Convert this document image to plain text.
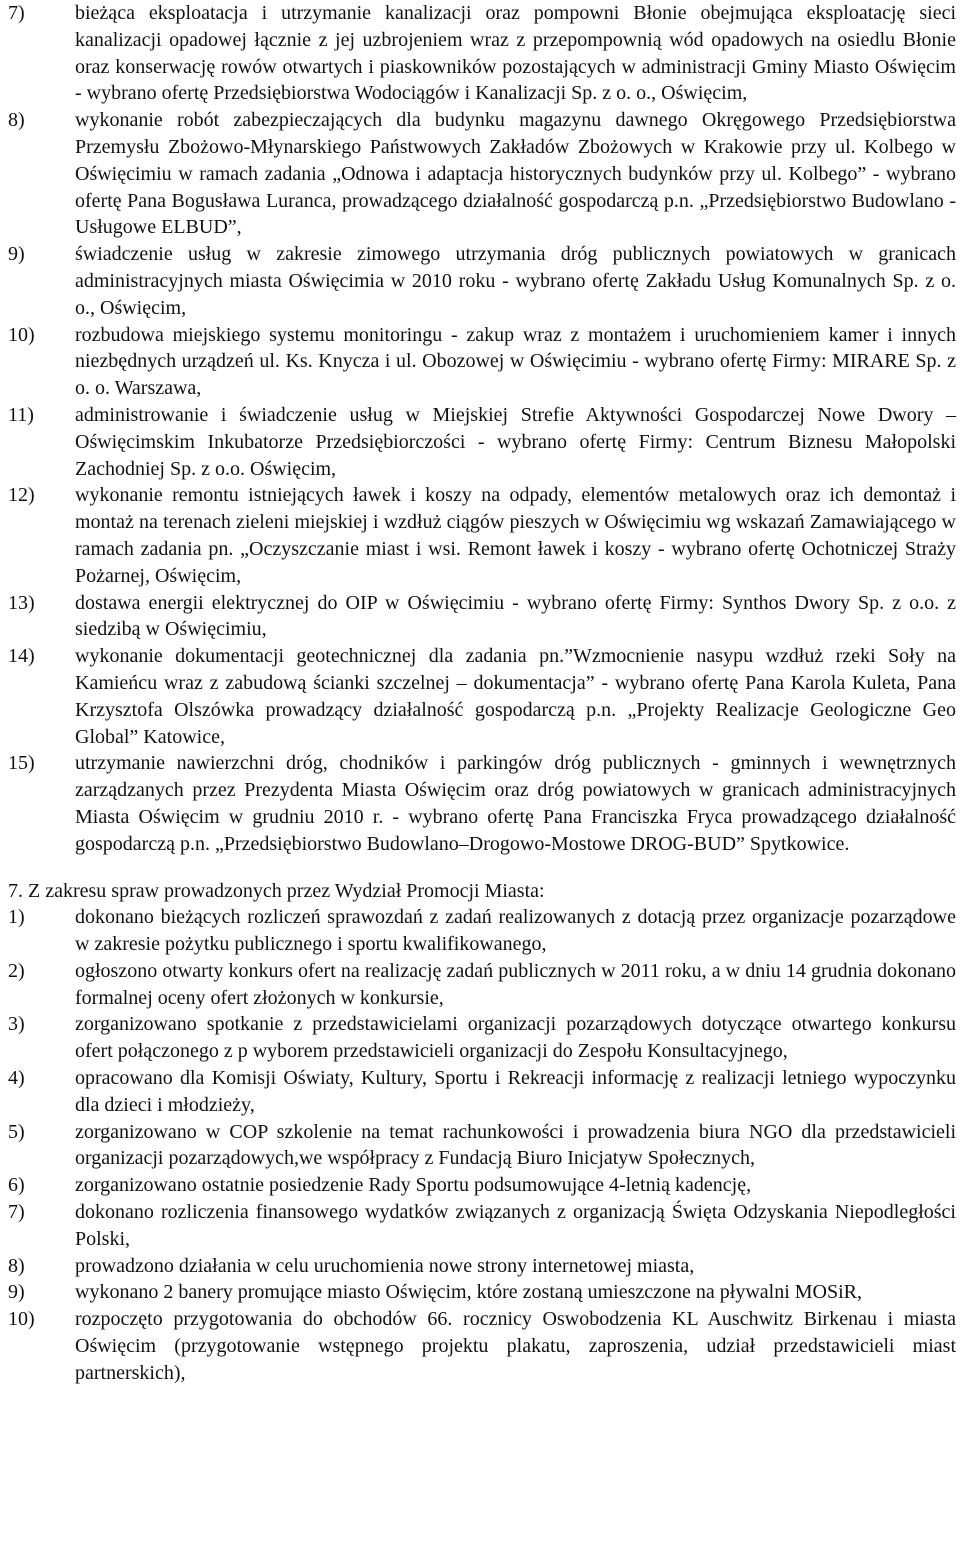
7)	bieżąca eksploatacja i utrzymanie kanalizacji oraz pompowni Błonie obejmująca eksploatację sieci kanalizacji opadowej łącznie z jej uzbrojeniem wraz z przepompownią wód opadowych na osiedlu Błonie oraz konserwację rowów otwartych i piaskowników pozostających w administracji Gminy Miasto Oświęcim - wybrano ofertę Przedsiębiorstwa Wodociągów i Kanalizacji Sp. z o. o., Oświęcim,
8)	wykonanie robót zabezpieczających dla budynku magazynu dawnego Okręgowego Przedsiębiorstwa Przemysłu Zbożowo-Młynarskiego Państwowych Zakładów Zbożowych w Krakowie przy ul. Kolbego w Oświęcimiu w ramach zadania „Odnowa i adaptacja historycznych budynków przy ul. Kolbego” - wybrano ofertę Pana Bogusława Luranca, prowadzącego działalność gospodarczą p.n. „Przedsiębiorstwo Budowlano - Usługowe ELBUD”,
9)	świadczenie usług w zakresie zimowego utrzymania dróg publicznych powiatowych w granicach administracyjnych miasta Oświęcimia w 2010 roku - wybrano ofertę Zakładu Usług Komunalnych Sp. z o. o., Oświęcim,
10) rozbudowa miejskiego systemu monitoringu - zakup wraz z montażem i uruchomieniem kamer i innych niezbędnych urządzeń ul. Ks. Knycza i ul. Obozowej w Oświęcimiu - wybrano ofertę Firmy: MIRARE Sp. z o. o. Warszawa,
11) administrowanie i świadczenie usług w Miejskiej Strefie Aktywności Gospodarczej Nowe Dwory – Oświęcimskim Inkubatorze Przedsiębiorczości - wybrano ofertę Firmy: Centrum Biznesu Małopolski Zachodniej Sp. z o.o. Oświęcim,
12) wykonanie remontu istniejących ławek i koszy na odpady, elementów metalowych oraz ich demontaż i montaż na terenach zieleni miejskiej i wzdłuż ciągów pieszych w Oświęcimiu wg wskazań Zamawiającego w ramach zadania pn. „Oczyszczanie miast i wsi. Remont ławek i koszy - wybrano ofertę Ochotniczej Straży Pożarnej, Oświęcim,
13) dostawa energii elektrycznej do OIP w Oświęcimiu - wybrano ofertę Firmy: Synthos Dwory Sp. z o.o. z siedzibą w Oświęcimiu,
14) wykonanie dokumentacji geotechnicznej dla zadania pn.”Wzmocnienie nasypu wzdłuż rzeki Soły na Kamieńcu wraz z zabudową ścianki szczelnej – dokumentacja” - wybrano ofertę Pana Karola Kuleta, Pana Krzysztofa Olszówka prowadzący działalność gospodarczą p.n. „Projekty Realizacje Geologiczne Geo Global” Katowice,
15) utrzymanie nawierzchni dróg, chodników i parkingów dróg publicznych - gminnych i wewnętrznych zarządzanych przez Prezydenta Miasta Oświęcim oraz dróg powiatowych w granicach administracyjnych Miasta Oświęcim w grudniu 2010 r. - wybrano ofertę Pana Franciszka Fryca prowadzącego działalność gospodarczą p.n. „Przedsiębiorstwo Budowlano–Drogowo-Mostowe DROG-BUD” Spytkowice.
7. Z zakresu spraw prowadzonych przez Wydział Promocji Miasta:
1)	dokonano bieżących rozliczeń sprawozdań z zadań realizowanych z dotacją przez organizacje pozarządowe w zakresie pożytku publicznego i sportu kwalifikowanego,
2)	ogłoszono otwarty konkurs ofert na realizację zadań publicznych w 2011 roku, a w dniu 14 grudnia dokonano formalnej oceny ofert złożonych w konkursie,
3)	zorganizowano spotkanie z przedstawicielami organizacji pozarządowych dotyczące otwartego konkursu ofert połączonego z p wyborem przedstawicieli organizacji do Zespołu Konsultacyjnego,
4)	opracowano dla Komisji Oświaty, Kultury, Sportu i Rekreacji informację z realizacji letniego wypoczynku dla dzieci i młodzieży,
5)	zorganizowano w COP szkolenie na temat rachunkowości i prowadzenia biura NGO dla przedstawicieli organizacji pozarządowych,we współpracy z Fundacją Biuro Inicjatyw Społecznych,
6)	zorganizowano ostatnie posiedzenie Rady Sportu podsumowujące 4-letnią kadencję,
7)	dokonano rozliczenia finansowego wydatków związanych z organizacją Święta Odzyskania Niepodległości Polski,
8)	prowadzono działania w celu uruchomienia nowe strony internetowej miasta,
9)	wykonano 2 banery promujące miasto Oświęcim, które zostaną umieszczone na pływalni MOSiR,
10) rozpoczęto przygotowania do obchodów 66. rocznicy Oswobodzenia KL Auschwitz Birkenau i miasta Oświęcim (przygotowanie wstępnego projektu plakatu, zaproszenia, udział przedstawicieli miast partnerskich),
